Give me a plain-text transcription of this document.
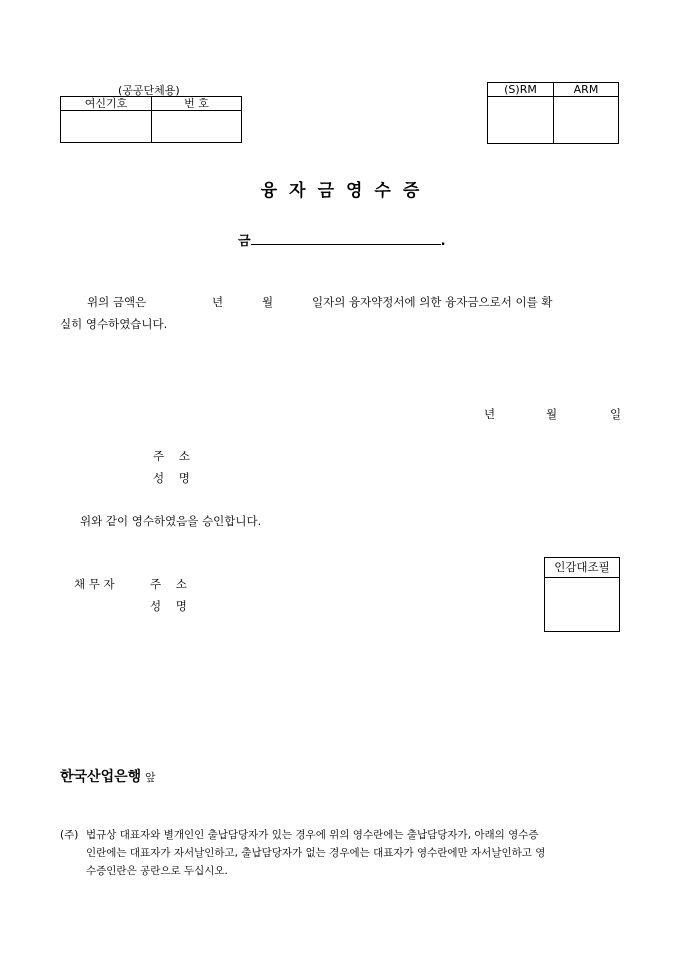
(공공단체용)
여신기호	번 호

(S)RM	ARM

융자금영수증
금	.
위의 금액은	년	월	일자의 융자약정서에 의한 융자금으로서 이를 확
실히 영수하였습니다.
년	월	일
주    소
성    명
위와 같이 영수하였음을 승인합니다.
인감대조필

채 무 자	주    소
성    명
한국산업은행 앞
(주) 법규상 대표자와 별개인인 출납담당자가 있는 경우에 위의 영수란에는 출납담당자가, 아래의 영수증
인란에는 대표자가 자서날인하고, 출납담당자가 없는 경우에는 대표자가 영수란에만 자서날인하고 영
수증인란은 공란으로 두십시오.
